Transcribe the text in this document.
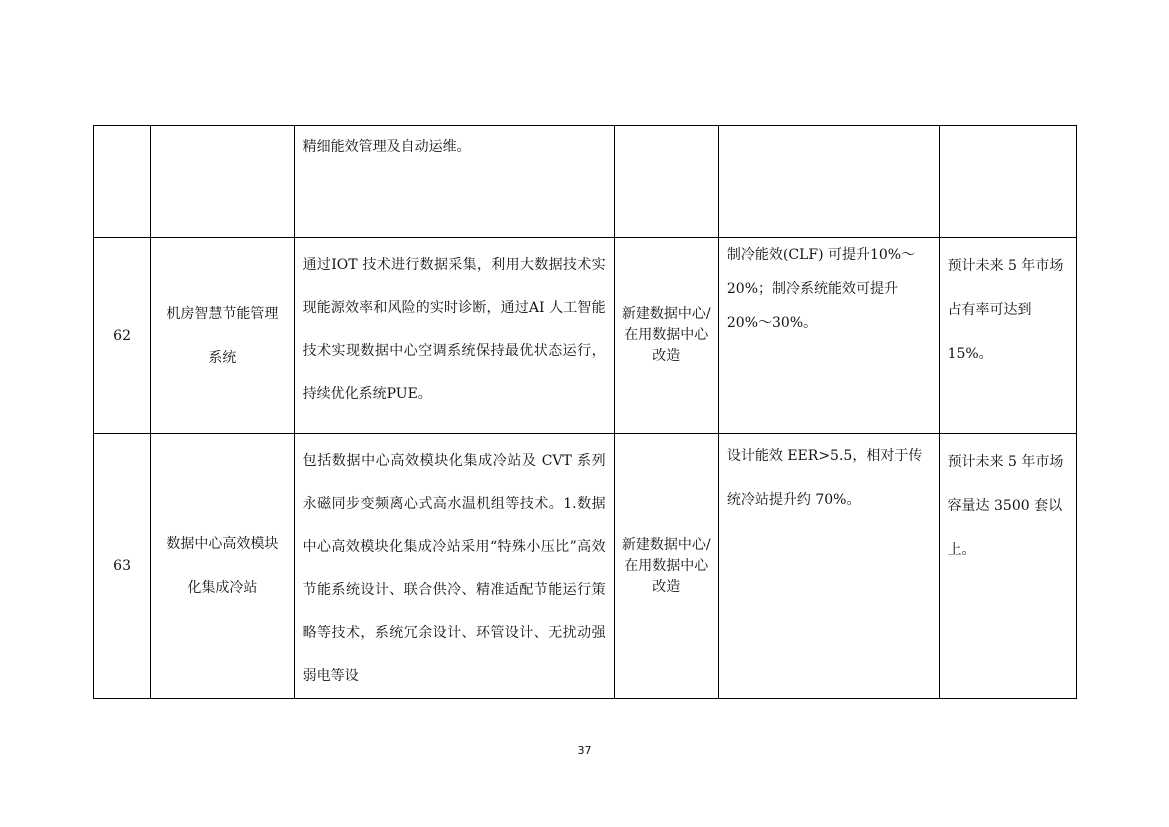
		精细能效管理及自动运维。			

62	机房智慧节能管理系统	通过IOT 技术进行数据采集，利用大数据技术实现能源效率和风险的实时诊断，通过AI 人工智能技术实现数据中心空调系统保持最优状态运行，持续优化系统PUE。	新建数据中心/在用数据中心改造	制冷能效(CLF) 可提升10%～20%；制冷系统能效可提升 20%～30%。	预计未来 5 年市场占有率可达到15%。

63	数据中心高效模块化集成冷站	包括数据中心高效模块化集成冷站及 CVT 系列永磁同步变频离心式高水温机组等技术。1.数据中心高效模块化集成冷站采用“特殊小压比”高效节能系统设计、联合供冷、精准适配节能运行策略等技术，系统冗余设计、环管设计、无扰动强弱电等设	新建数据中心/在用数据中心改造	设计能效 EER>5.5，相对于传统冷站提升约 70%。	预计未来 5 年市场容量达 3500 套以上。
37
